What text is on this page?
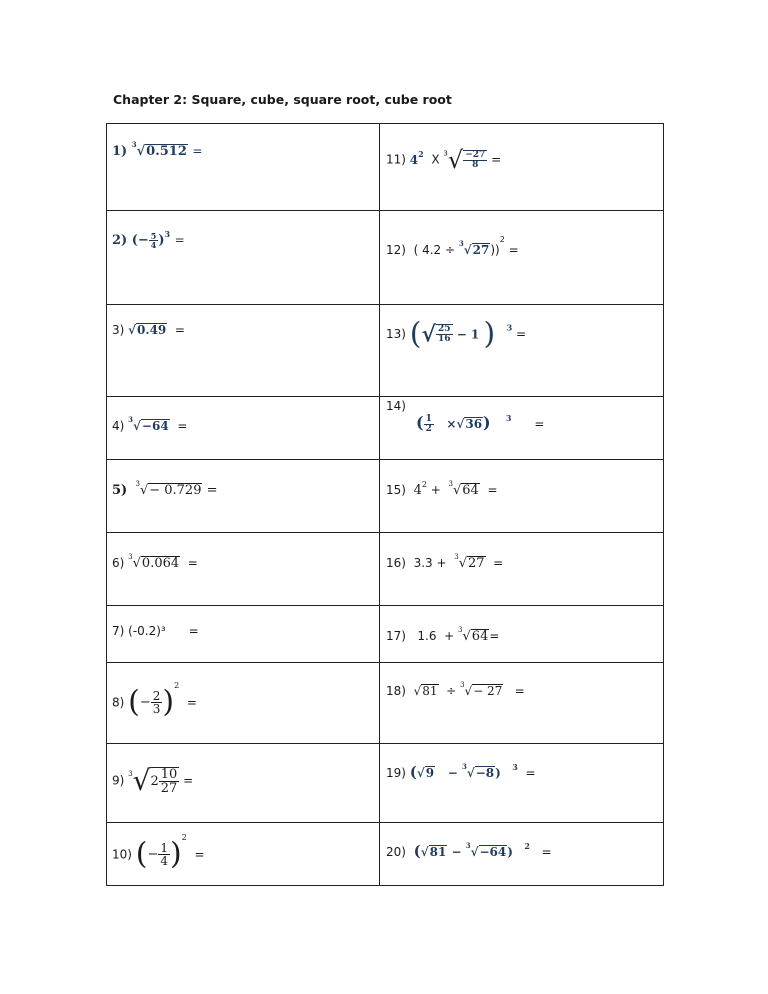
Chapter 2: Square, cube, square root, cube root
1) $^3$√0.512 =	11) $4^2$ X $^3√ \frac{-27}{8}$ =

2) (− $\frac{5}{4} )^3$ =	12) ( 4.2 ÷ $^3$√27))$^2$ =

3) √0.49 =	13) (√ $\frac{25}{16} - 1$ ) $^3$ =

4) $^3$√−64 =	14)
( $\frac{1}{2} \times√36$) $^3$ =

5) $^3$√− 0.729 =	15) $4^2 + ^3√64$ =

6) $^3$√0.064 =	16) 3.3 + $^3$√27 =

7) (-0.2)³ =	17) 1.6 + $^3$√64=

8) (− $\frac{2}{3} )^2$  =	18) √81 ÷ $^3$√− 27 =

9) $^3√2 \frac{10}{27}$ =	19) (√9 − $^3$√−8) $^3$ =

10) (− $\frac{1}{4} )^2$  =	20) (√81 − $^3$√−64) $^2$ =
